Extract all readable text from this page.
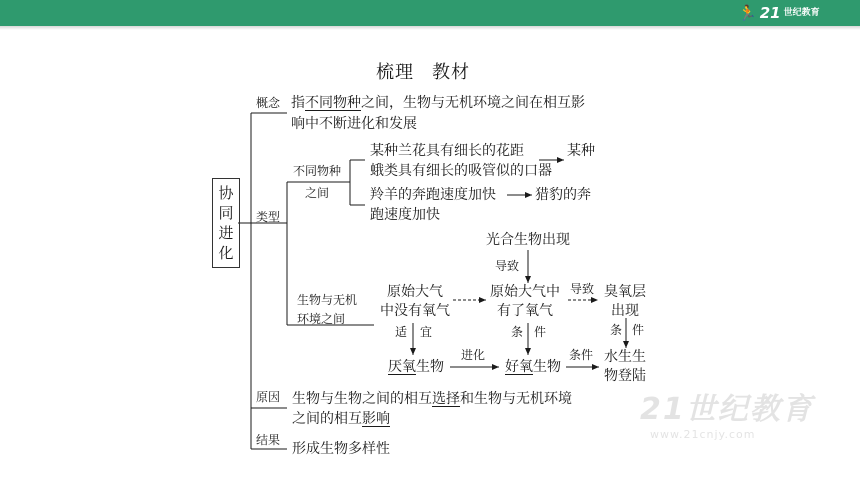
🏃 21 世纪教育
梳理 教材
协
同
进
化
概念 指不同物种之间，生物与无机环境之间在相互影
响中不断进化和发展
类型
不同物种
之间
某种兰花具有细长的花距	某种
蛾类具有细长的吸管似的口器
羚羊的奔跑速度加快	猎豹的奔
跑速度加快
生物与无机
环境之间
光合生物出现
导致
原始大气
中没有氧气
原始大气中
有了氧气
导致 臭氧层
出现
适 宜	条 件	条 件
厌氧生物
进化
好氧生物
条件 水生生
物登陆
原因 生物与生物之间的相互选择和生物与无机环境
之间的相互影响
结果
形成生物多样性
21世纪教育
www.21cnjy.com
